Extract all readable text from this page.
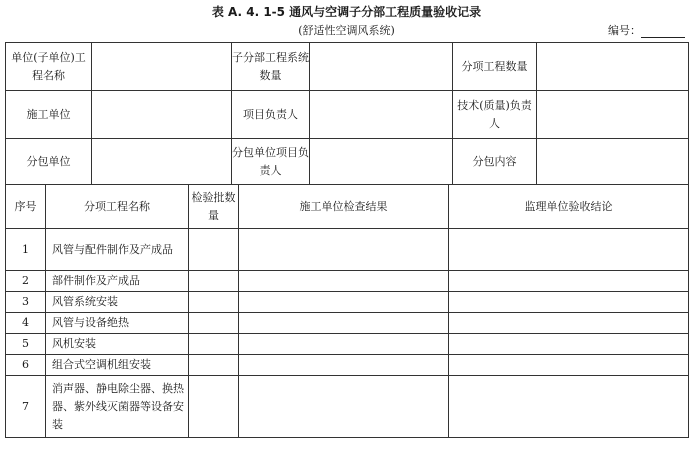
表 A. 4. 1-5 通风与空调子分部工程质量验收记录
(舒适性空调风系统)	编号：
单位(子单位)工程名称		子分部工程系统数量		分项工程数量	
施工单位		项目负责人		技术(质量)负责人	
分包单位		分包单位项目负责人		分包内容	
序号	分项工程名称	检验批数量	施工单位检查结果	监理单位验收结论
1	风管与配件制作及产成品			
2	部件制作及产成品			
3	风管系统安装			
4	风管与设备绝热			
5	风机安装			
6	组合式空调机组安装			
7	消声器、静电除尘器、换热器、紫外线灭菌器等设备安装			
